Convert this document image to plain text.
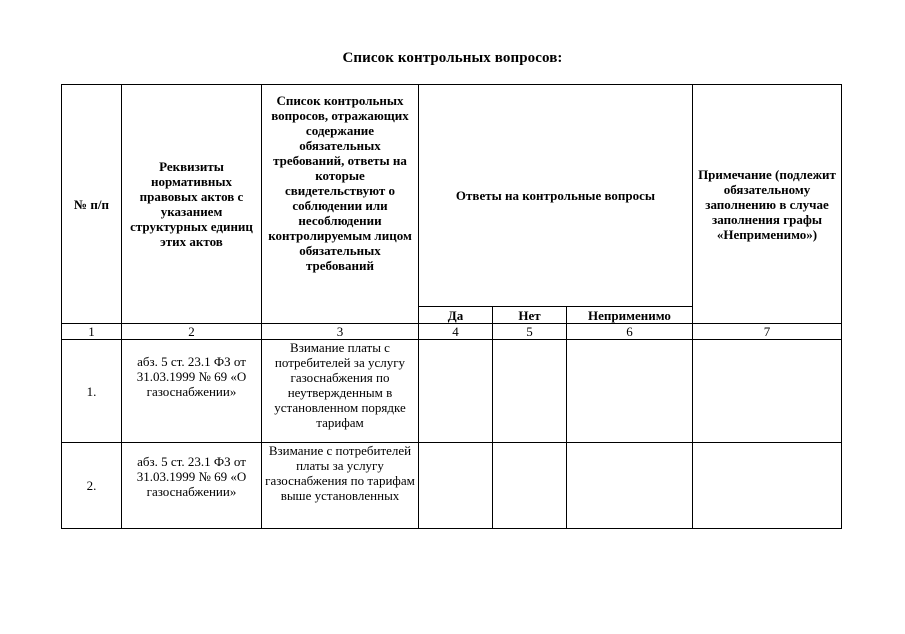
Список контрольных вопросов:
№ п/п	Реквизиты нормативных правовых актов с указанием структурных единиц этих актов	Список контрольных вопросов, отражающих содержание обязательных требований, ответы на которые свидетельствуют о соблюдении или несоблюдении контролируемым лицом обязательных требований	Ответы на контрольные вопросы			Примечание (подлежит обязательному заполнению в случае заполнения графы «Неприменимо»)
			Да	Нет	Неприменимо	
1	2	3	4	5	6	7
1.	абз. 5 ст. 23.1 ФЗ от 31.03.1999 № 69 «О газоснабжении»	Взимание платы с потребителей за услугу газоснабжения по неутвержденным в установленном порядке тарифам				
2.	абз. 5 ст. 23.1 ФЗ от 31.03.1999 № 69 «О газоснабжении»	Взимание с потребителей платы за услугу газоснабжения по тарифам выше установленных				
